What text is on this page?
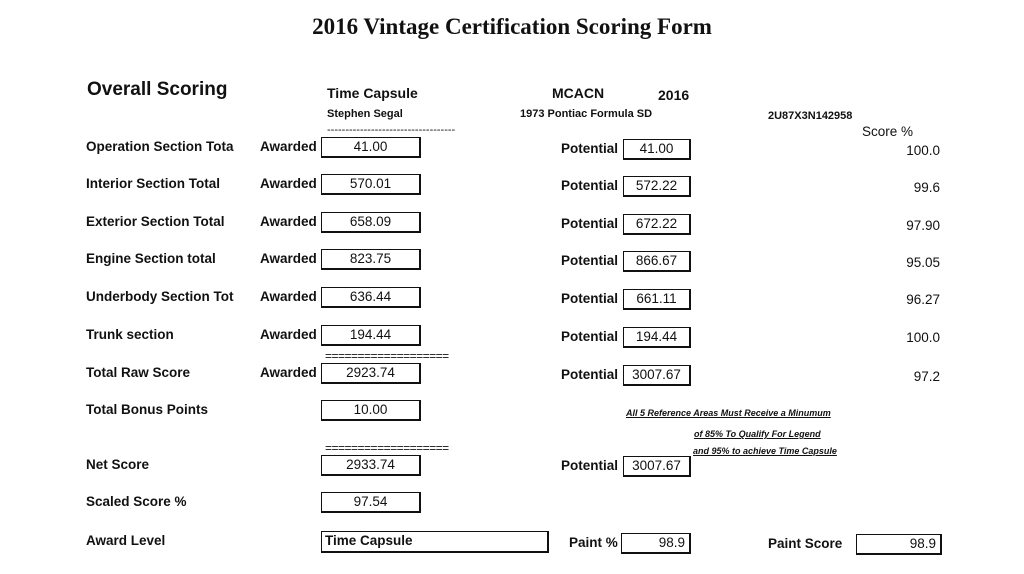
2016 Vintage Certification Scoring Form
Overall Scoring	Time Capsule
Stephen Segal
MCACN	2016
1973 Pontiac Formula SD	2U87X3N142958
Score %
-----------------------------------
Operation Section Tota Awarded	41.00	Potential	41.00	100.0
Interior Section Total	Awarded	570.01	Potential	572.22	99.6
Exterior Section Total	Awarded	658.09	Potential	672.22	97.90
Engine Section total	Awarded	823.75	Potential	866.67	95.05
Underbody Section Tot Awarded	636.44	Potential	661.11	96.27
Trunk section	Awarded	194.44	Potential	194.44	100.0
Total Raw Score	Awarded	2923.74	Potential	3007.67	97.2
===================
Total Bonus Points	10.00	All 5 Reference Areas Must Receive a Minumum
of 85% To Qualify For Legend
and 95% to achieve Time Capsule
===================
Net Score	2933.74	Potential	3007.67
Scaled Score %	97.54
Award Level	Time Capsule	Paint %	98.9	Paint Score	98.9
